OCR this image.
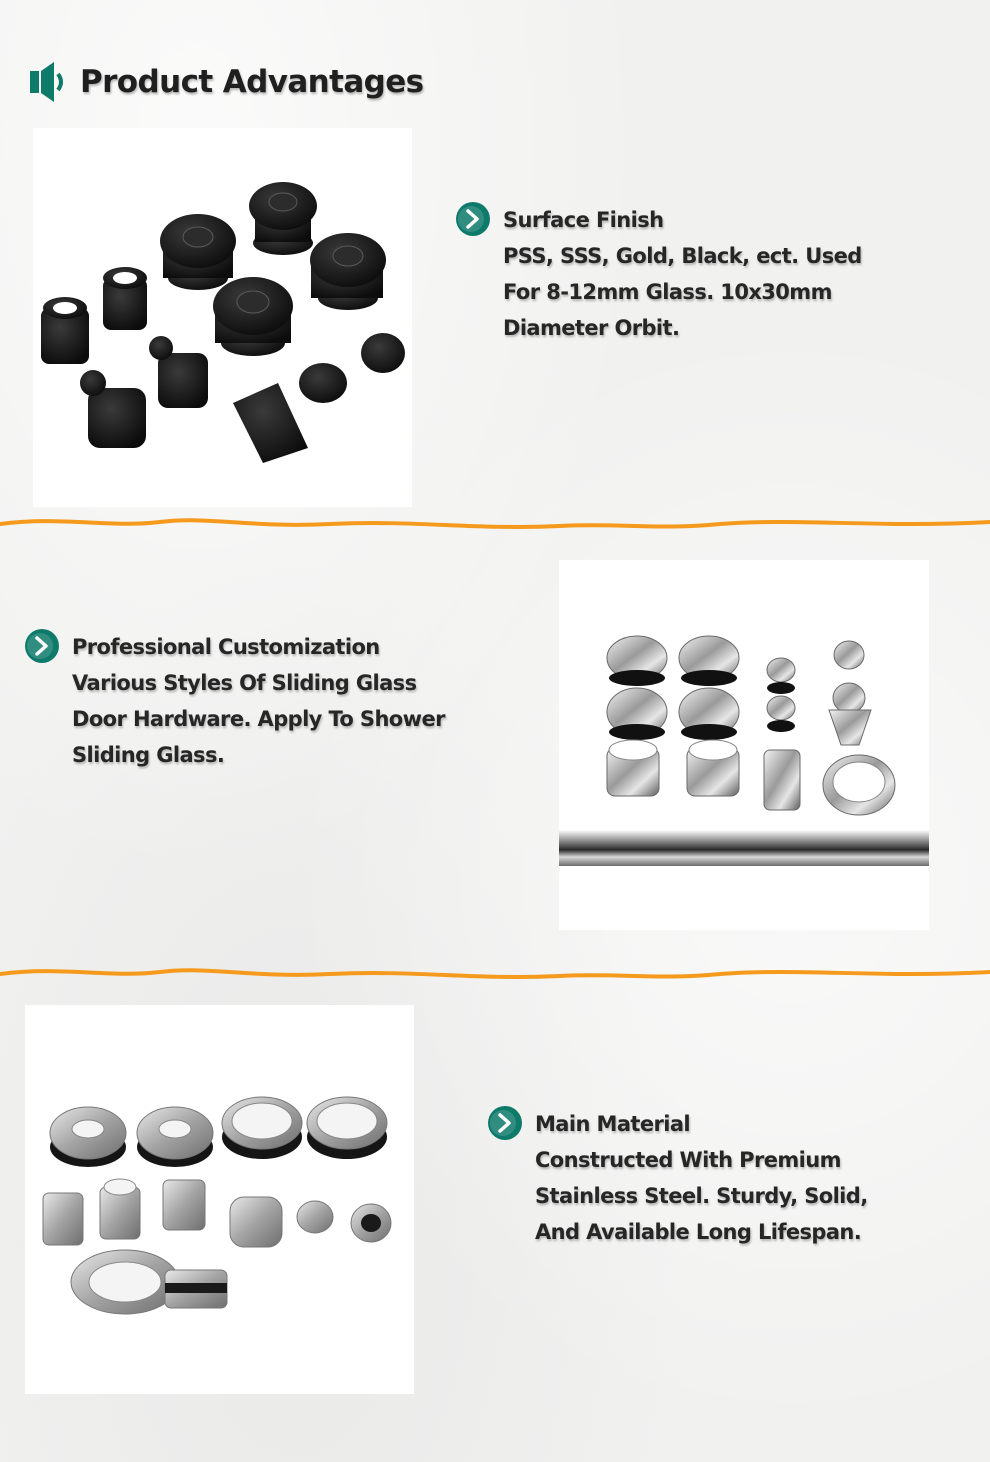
Product Advantages
Surface Finish
PSS, SSS, Gold, Black, ect. Used
For 8-12mm Glass. 10x30mm
Diameter Orbit.
Professional Customization
Various Styles Of Sliding Glass
Door Hardware. Apply To Shower
Sliding Glass.
Main Material
Constructed With Premium
Stainless Steel. Sturdy, Solid,
And Available Long Lifespan.
